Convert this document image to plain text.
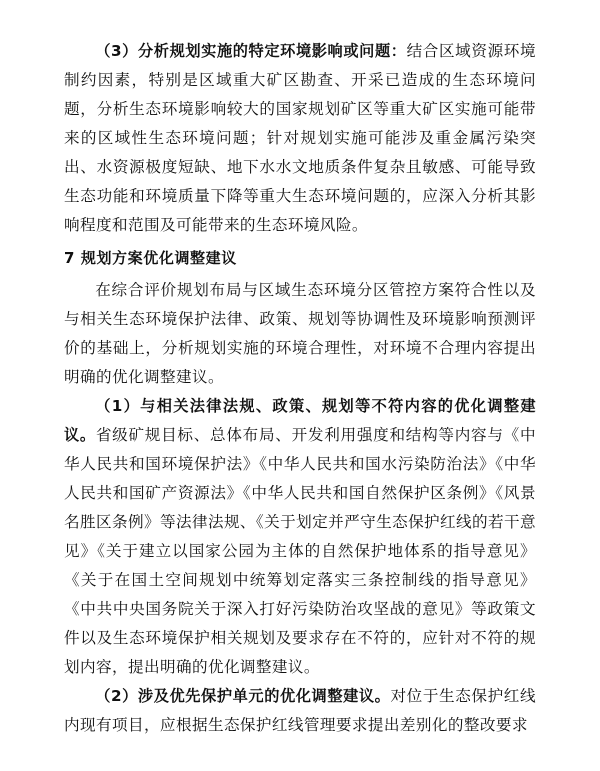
（3）分析规划实施的特定环境影响或问题：结合区域资源环境制约因素，特别是区域重大矿区勘查、开采已造成的生态环境问题，分析生态环境影响较大的国家规划矿区等重大矿区实施可能带来的区域性生态环境问题；针对规划实施可能涉及重金属污染突出、水资源极度短缺、地下水水文地质条件复杂且敏感、可能导致生态功能和环境质量下降等重大生态环境问题的，应深入分析其影响程度和范围及可能带来的生态环境风险。

7 规划方案优化调整建议

在综合评价规划布局与区域生态环境分区管控方案符合性以及与相关生态环境保护法律、政策、规划等协调性及环境影响预测评价的基础上，分析规划实施的环境合理性，对环境不合理内容提出明确的优化调整建议。

（1）与相关法律法规、政策、规划等不符内容的优化调整建议。省级矿规目标、总体布局、开发利用强度和结构等内容与《中华人民共和国环境保护法》《中华人民共和国水污染防治法》《中华人民共和国矿产资源法》《中华人民共和国自然保护区条例》《风景名胜区条例》等法律法规、《关于划定并严守生态保护红线的若干意见》《关于建立以国家公园为主体的自然保护地体系的指导意见》《关于在国土空间规划中统筹划定落实三条控制线的指导意见》《中共中央国务院关于深入打好污染防治攻坚战的意见》等政策文件以及生态环境保护相关规划及要求存在不符的，应针对不符的规划内容，提出明确的优化调整建议。

（2）涉及优先保护单元的优化调整建议。对位于生态保护红线内现有项目，应根据生态保护红线管理要求提出差别化的整改要求
